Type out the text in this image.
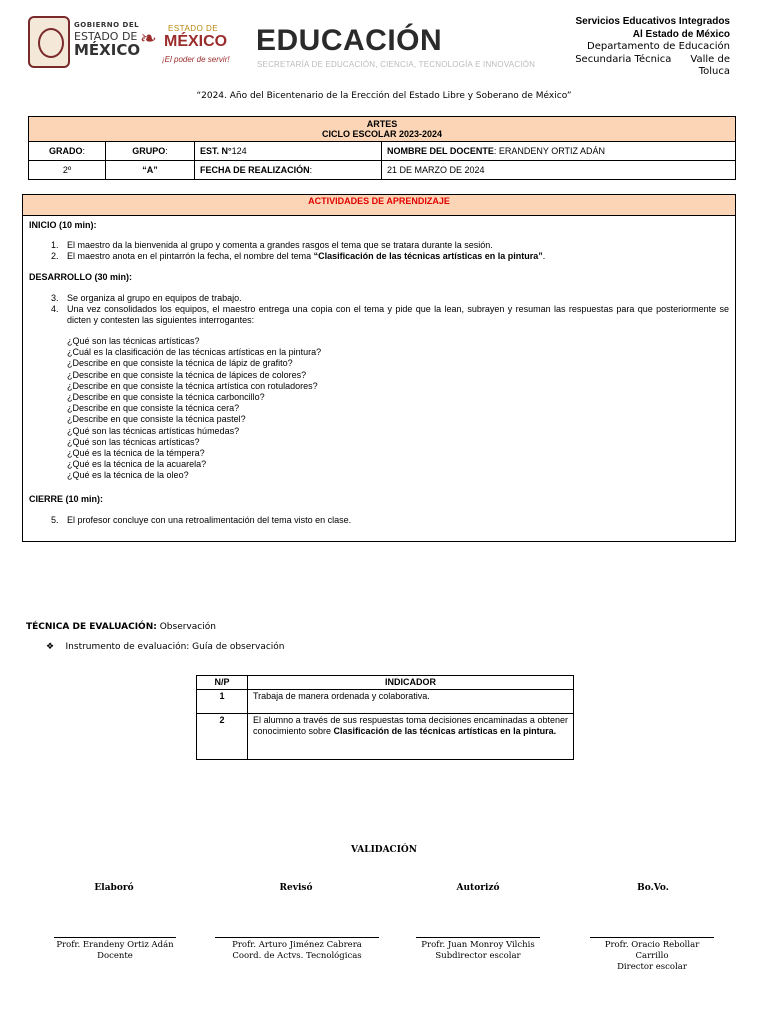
GOBIERNO DEL
ESTADO DE
MÉXICO ❧ ESTADO DE
MÉXICO
¡El poder de servir!
EDUCACIÓN
SECRETARÍA DE EDUCACIÓN, CIENCIA, TECNOLOGÍA E INNOVACIÓN
Servicios Educativos Integrados
Al Estado de México
Departamento de Educación
Secundaria Técnica      Valle de
Toluca
“2024. Año del Bicentenario de la Erección del Estado Libre y Soberano de México”
ARTES
CICLO ESCOLAR 2023-2024			

GRADO:	GRUPO:	EST. N°124	NOMBRE DEL DOCENTE: ERANDENY ORTIZ ADÁN
2º	“A”	FECHA DE REALIZACIÓN:	21 DE MARZO DE 2024
ACTIVIDADES DE APRENDIZAJE
INICIO (10 min):
1. El maestro da la bienvenida al grupo y comenta a grandes rasgos el tema que se tratara durante la sesión.
2. El maestro anota en el pintarrón la fecha, el nombre del tema “Clasificación de las técnicas artísticas en la pintura”.
DESARROLLO (30 min):
3. Se organiza al grupo en equipos de trabajo.
4. Una vez consolidados los equipos, el maestro entrega una copia con el tema y pide que la lean, subrayen y resuman las respuestas para que posteriormente se dicten y contesten las siguientes interrogantes:
¿Qué son las técnicas artísticas?
¿Cuál es la clasificación de las técnicas artísticas en la pintura?
¿Describe en que consiste la técnica de lápiz de grafito?
¿Describe en que consiste la técnica de lápices de colores?
¿Describe en que consiste la técnica artística con rotuladores?
¿Describe en que consiste la técnica carboncillo?
¿Describe en que consiste la técnica cera?
¿Describe en que consiste la técnica pastel?
¿Qué son las técnicas artísticas húmedas?
¿Qué son las técnicas artísticas?
¿Qué es la técnica de la témpera?
¿Qué es la técnica de la acuarela?
¿Qué es la técnica de la oleo?
CIERRE (10 min):
5. El profesor concluye con una retroalimentación del tema visto en clase.
TÉCNICA DE EVALUACIÓN: Observación
❖ Instrumento de evaluación: Guía de observación
N/P	INDICADOR
1	Trabaja de manera ordenada y colaborativa.
2	El alumno a través de sus respuestas toma decisiones encaminadas a obtener conocimiento sobre Clasificación de las técnicas artísticas en la pintura.
VALIDACIÓN
Elaboró	Revisó	Autorizó	Bo.Vo.
Profr. Erandeny Ortiz Adán
Docente
Profr. Arturo Jiménez Cabrera
Coord. de Actvs. Tecnológicas
Profr. Juan Monroy Vilchis
Subdirector escolar
Profr. Oracio Rebollar Carrillo
Director escolar
